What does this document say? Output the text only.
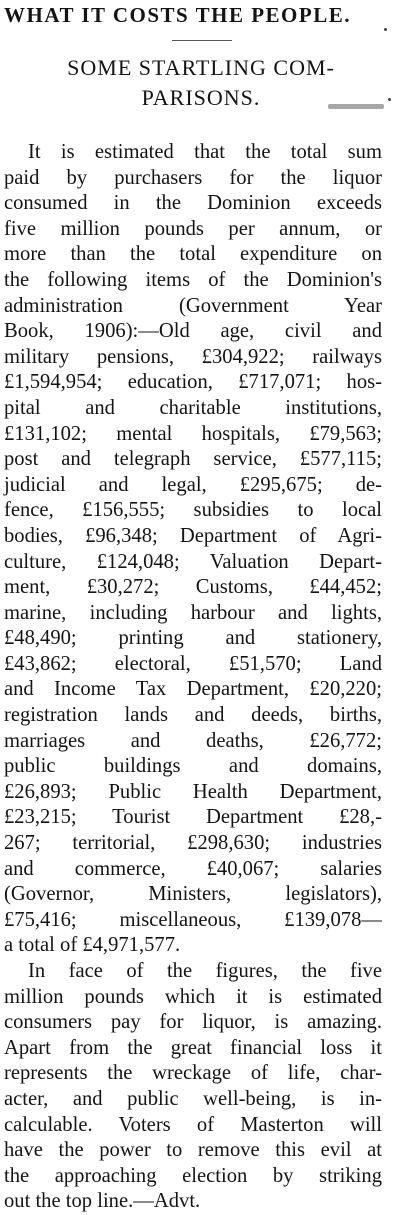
WHAT IT COSTS THE PEOPLE.
SOME STARTLING COM-
PARISONS.
It is estimated that the total sum
paid by purchasers for the liquor
consumed in the Dominion exceeds
five million pounds per annum, or
more than the total expenditure on
the following items of the Dominion's
administration (Government Year
Book, 1906):—Old age, civil and
military pensions, £304,922; railways
£1,594,954; education, £717,071; hos-
pital and charitable institutions,
£131,102; mental hospitals, £79,563;
post and telegraph service, £577,115;
judicial and legal, £295,675; de-
fence, £156,555; subsidies to local
bodies, £96,348; Department of Agri-
culture, £124,048; Valuation Depart-
ment, £30,272; Customs, £44,452;
marine, including harbour and lights,
£48,490; printing and stationery,
£43,862; electoral, £51,570; Land
and Income Tax Department, £20,220;
registration lands and deeds, births,
marriages and deaths, £26,772;
public buildings and domains,
£26,893; Public Health Department,
£23,215; Tourist Department £28,-
267; territorial, £298,630; industries
and commerce, £40,067; salaries
(Governor, Ministers, legislators),
£75,416; miscellaneous, £139,078—
a total of £4,971,577.
In face of the figures, the five
million pounds which it is estimated
consumers pay for liquor, is amazing.
Apart from the great financial loss it
represents the wreckage of life, char-
acter, and public well-being, is in-
calculable. Voters of Masterton will
have the power to remove this evil at
the approaching election by striking
out the top line.—Advt.
